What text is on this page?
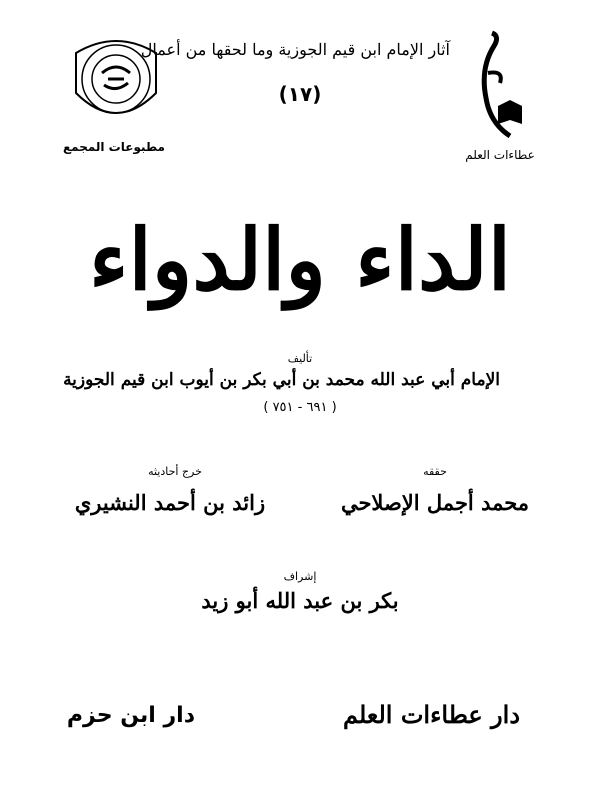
مطبوعات المجمع
آثار الإمام ابن قيم الجوزية وما لحقها من أعمال
(١٧)
عطاءات العلم
الداء والدواء
تأليف
الإمام أبي عبد الله محمد بن أبي بكر بن أيوب ابن قيم الجوزية
( ٦٩١ - ٧٥١ )
حققه
محمد أجمل الإصلاحي
خرج أحاديثه
زائد بن أحمد النشيري
إشراف
بكر بن عبد الله أبو زيد
دار عطاءات العلم
دار ابن حزم
